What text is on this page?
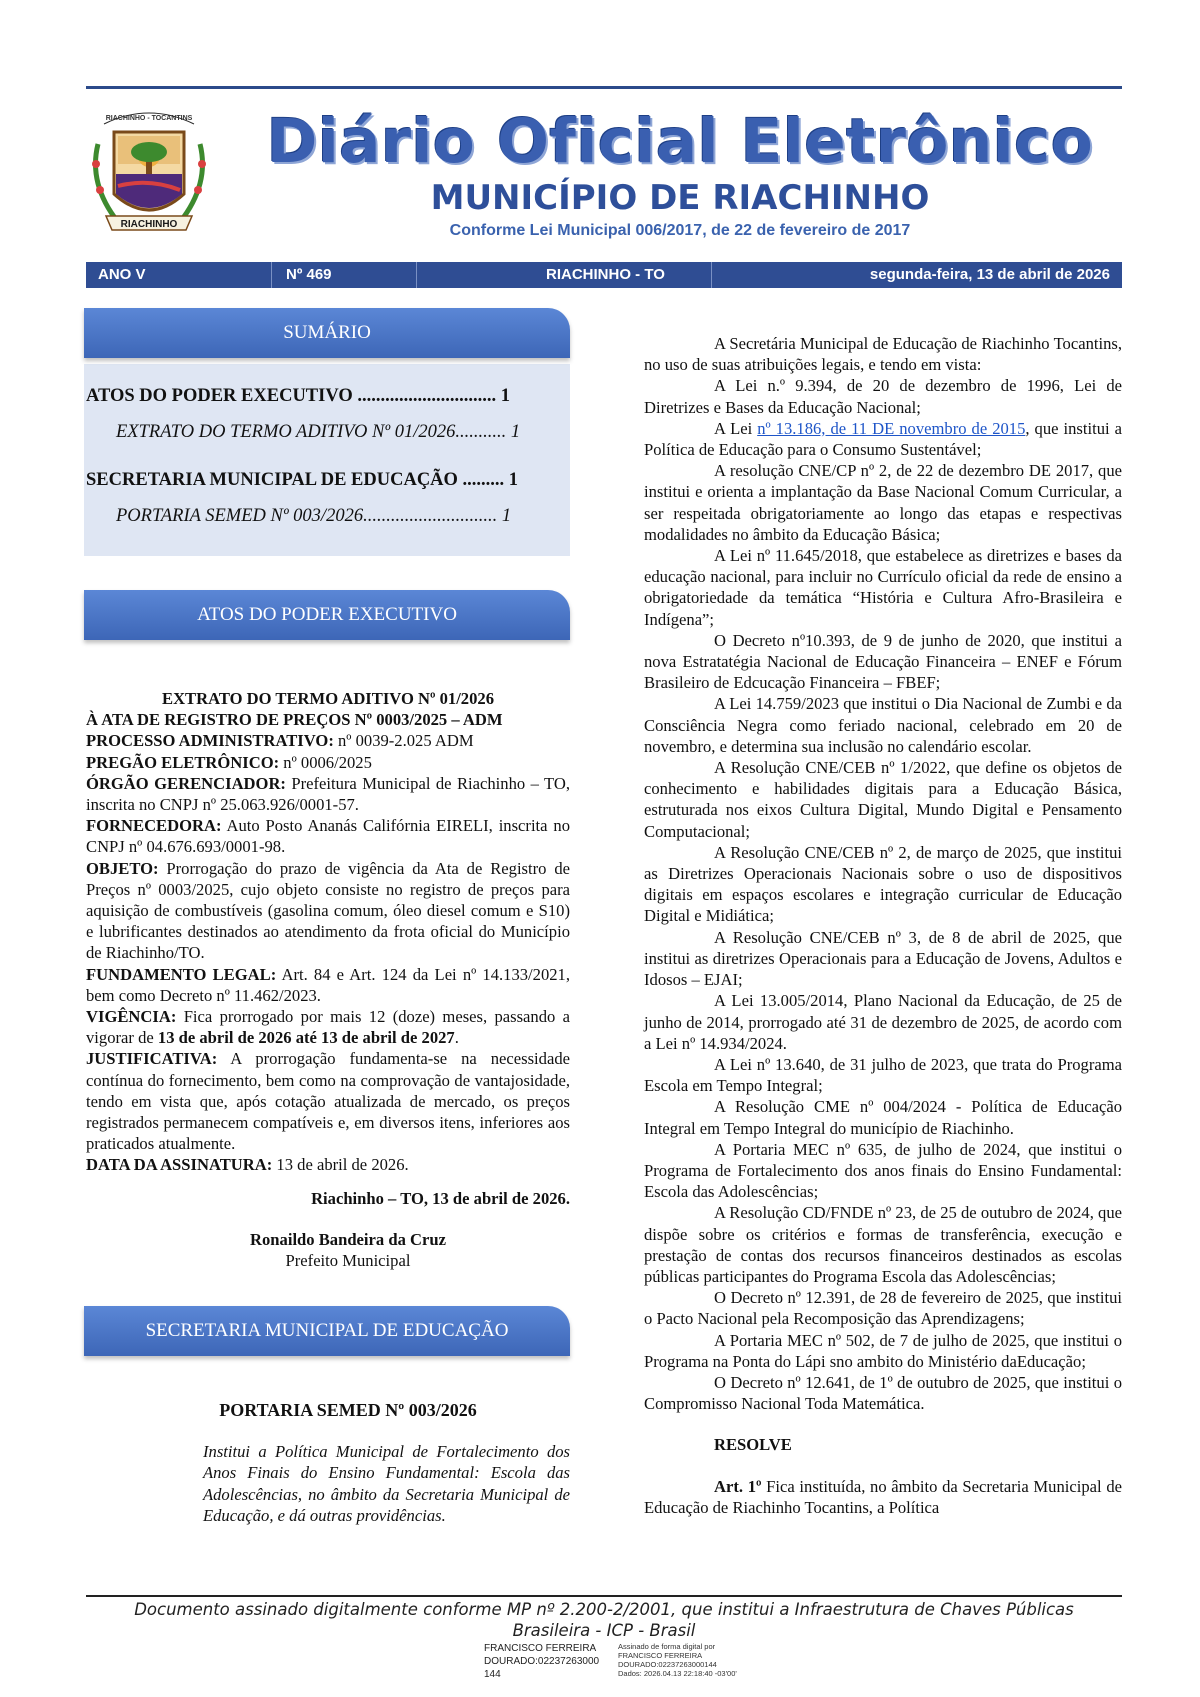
RIACHINHO - TOCANTINS
RIACHINHO
Diário Oficial Eletrônico
MUNICÍPIO DE RIACHINHO
Conforme Lei Municipal 006/2017, de 22 de fevereiro de 2017
ANO V	Nº 469	RIACHINHO - TO	segunda-feira, 13 de abril de 2026
ATOS DO PODER EXECUTIVO .............................. 1
EXTRATO DO TERMO ADITIVO Nº 01/2026........... 1
SECRETARIA MUNICIPAL DE EDUCAÇÃO ......... 1
PORTARIA SEMED Nº 003/2026............................. 1
SUMÁRIO
ATOS DO PODER EXECUTIVO

EXTRATO DO TERMO ADITIVO Nº 01/2026

À ATA DE REGISTRO DE PREÇOS Nº 0003/2025 – ADM

PROCESSO ADMINISTRATIVO: nº 0039-2.025 ADM

PREGÃO ELETRÔNICO: nº 0006/2025

ÓRGÃO GERENCIADOR: Prefeitura Municipal de Riachinho – TO, inscrita no CNPJ nº 25.063.926/0001-57.

FORNECEDORA: Auto Posto Ananás Califórnia EIRELI, inscrita no CNPJ nº 04.676.693/0001-98.

OBJETO: Prorrogação do prazo de vigência da Ata de Registro de Preços nº 0003/2025, cujo objeto consiste no registro de preços para aquisição de combustíveis (gasolina comum, óleo diesel comum e S10) e lubrificantes destinados ao atendimento da frota oficial do Município de Riachinho/TO.

FUNDAMENTO LEGAL: Art. 84 e Art. 124 da Lei nº 14.133/2021, bem como Decreto nº 11.462/2023.

VIGÊNCIA: Fica prorrogado por mais 12 (doze) meses, passando a vigorar de 13 de abril de 2026 até 13 de abril de 2027.

JUSTIFICATIVA: A prorrogação fundamenta-se na necessidade contínua do fornecimento, bem como na comprovação de vantajosidade, tendo em vista que, após cotação atualizada de mercado, os preços registrados permanecem compatíveis e, em diversos itens, inferiores aos praticados atualmente.

DATA DA ASSINATURA: 13 de abril de 2026.

Riachinho – TO, 13 de abril de 2026.

Ronaildo Bandeira da Cruz

Prefeito Municipal

SECRETARIA MUNICIPAL DE EDUCAÇÃO

PORTARIA SEMED Nº 003/2026

Institui a Política Municipal de Fortalecimento dos Anos Finais do Ensino Fundamental: Escola das Adolescências, no âmbito da Secretaria Municipal de Educação, e dá outras providências.

A Secretária Municipal de Educação de Riachinho Tocantins, no uso de suas atribuições legais, e tendo em vista:

A Lei n.º 9.394, de 20 de dezembro de 1996, Lei de Diretrizes e Bases da Educação Nacional;

A Lei nº 13.186, de 11 DE novembro de 2015, que institui a Política de Educação para o Consumo Sustentável;

A resolução CNE/CP nº 2, de 22 de dezembro DE 2017, que institui e orienta a implantação da Base Nacional Comum Curricular, a ser respeitada obrigatoriamente ao longo das etapas e respectivas modalidades no âmbito da Educação Básica;

A Lei nº 11.645/2018, que estabelece as diretrizes e bases da educação nacional, para incluir no Currículo oficial da rede de ensino a obrigatoriedade da temática “História e Cultura Afro-Brasileira e Indígena”;

O Decreto nº10.393, de 9 de junho de 2020, que institui a nova Estratatégia Nacional de Educação Financeira – ENEF e Fórum Brasileiro de Edcucação Financeira – FBEF;

A Lei 14.759/2023 que institui o Dia Nacional de Zumbi e da Consciência Negra como feriado nacional, celebrado em 20 de novembro, e determina sua inclusão no calendário escolar.

A Resolução CNE/CEB nº 1/2022, que define os objetos de conhecimento e habilidades digitais para a Educação Básica, estruturada nos eixos Cultura Digital, Mundo Digital e Pensamento Computacional;

A Resolução CNE/CEB nº 2, de março de 2025, que institui as Diretrizes Operacionais Nacionais sobre o uso de dispositivos digitais em espaços escolares e integração curricular de Educação Digital e Midiática;

A Resolução CNE/CEB nº 3, de 8 de abril de 2025, que institui as diretrizes Operacionais para a Educação de Jovens, Adultos e Idosos – EJAI;

A Lei 13.005/2014, Plano Nacional da Educação, de 25 de junho de 2014, prorrogado até 31 de dezembro de 2025, de acordo com a Lei nº 14.934/2024.

A Lei nº 13.640, de 31 julho de 2023, que trata do Programa Escola em Tempo Integral;

A Resolução CME nº 004/2024 - Política de Educação Integral em Tempo Integral do município de Riachinho.

A Portaria MEC nº 635, de julho de 2024, que institui o Programa de Fortalecimento dos anos finais do Ensino Fundamental: Escola das Adolescências;

A Resolução CD/FNDE nº 23, de 25 de outubro de 2024, que dispõe sobre os critérios e formas de transferência, execução e prestação de contas dos recursos financeiros destinados as escolas públicas participantes do Programa Escola das Adolescências;

O Decreto nº 12.391, de 28 de fevereiro de 2025, que institui o Pacto Nacional pela Recomposição das Aprendizagens;

A Portaria MEC nº 502, de 7 de julho de 2025, que institui o Programa na Ponta do Lápi sno ambito do Ministério daEducação;

O Decreto nº 12.641, de 1º de outubro de 2025, que institui o Compromisso Nacional Toda Matemática.

RESOLVE

Art. 1º Fica instituída, no âmbito da Secretaria Municipal de Educação de Riachinho Tocantins, a Política

Documento assinado digitalmente conforme MP nº 2.200-2/2001, que institui a Infraestrutura de Chaves Públicas
Brasileira - ICP - Brasil
FRANCISCO FERREIRA
DOURADO:02237263000
144
Assinado de forma digital por
FRANCISCO FERREIRA
DOURADO:02237263000144
Dados: 2026.04.13 22:18:40 -03'00'
